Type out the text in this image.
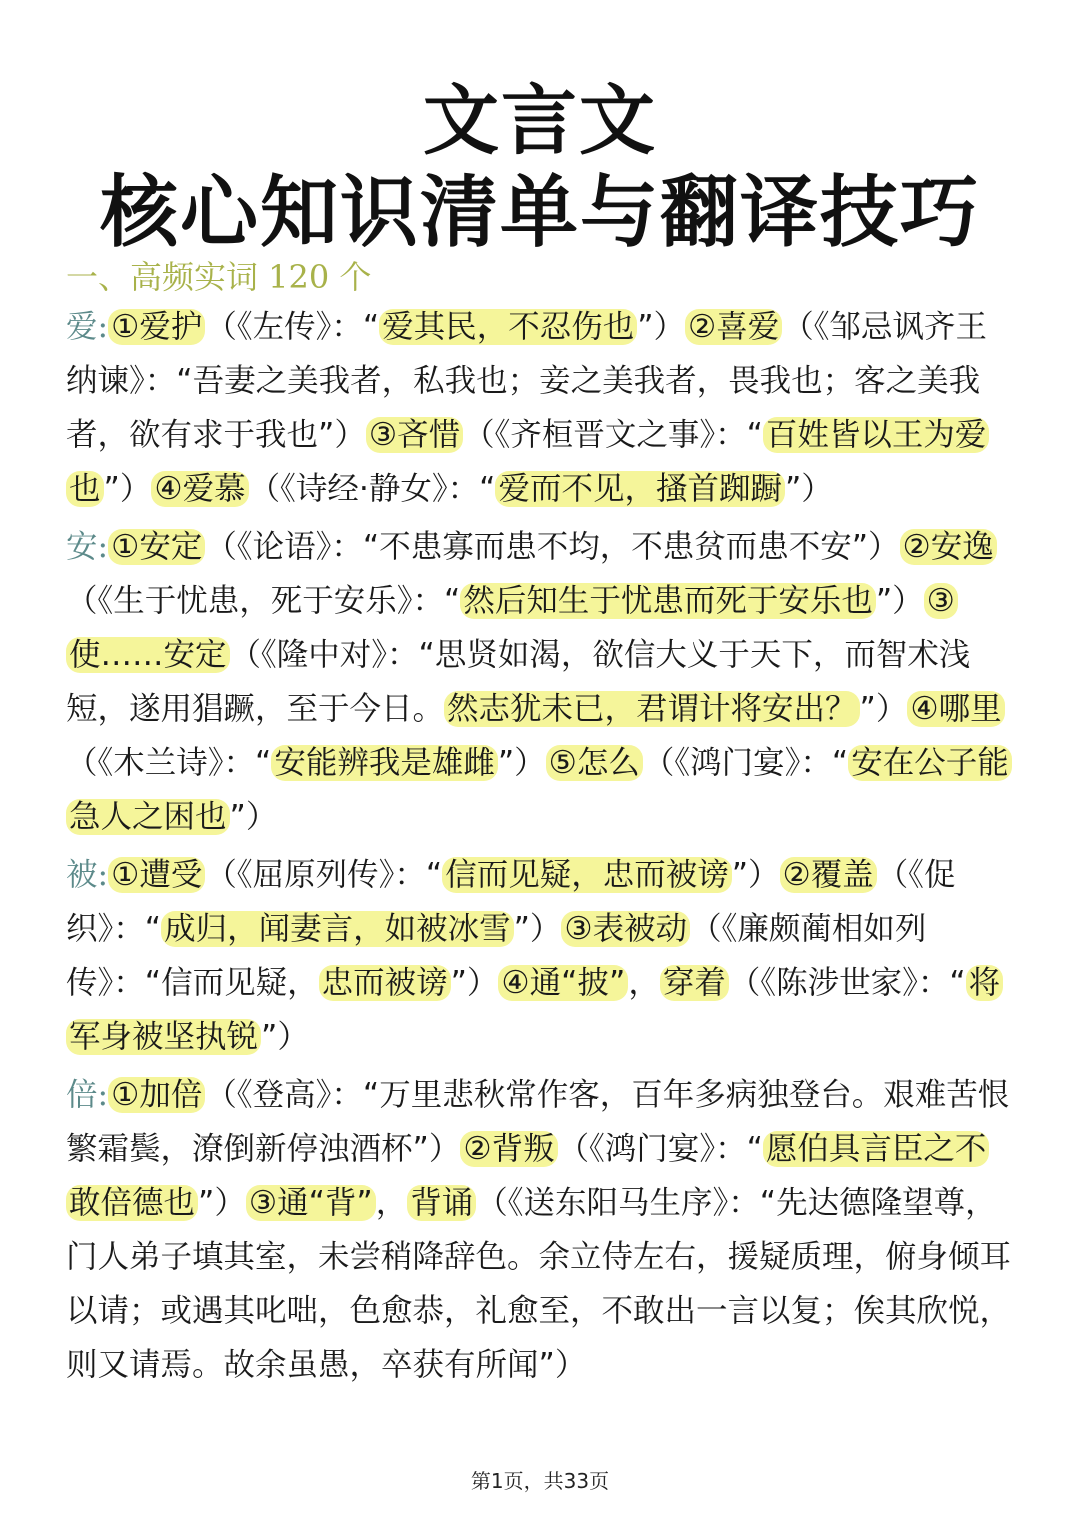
文言文
核心知识清单与翻译技巧
一、高频实词 120 个
爱:①爱护（《左传》：“爱其民，不忍伤也”）②喜爱（《邹忌讽齐王纳谏》：“吾妻之美我者，私我也；妾之美我者，畏我也；客之美我者，欲有求于我也”）③吝惜（《齐桓晋文之事》：“百姓皆以王为爱也”）④爱慕（《诗经·静女》：“爱而不见，搔首踟蹰”）
安:①安定（《论语》：“不患寡而患不均，不患贫而患不安”）②安逸（《生于忧患，死于安乐》：“然后知生于忧患而死于安乐也”）③使……安定（《隆中对》：“思贤如渴，欲信大义于天下，而智术浅短，遂用猖蹶，至于今日。然志犹未已，君谓计将安出？”）④哪里（《木兰诗》：“安能辨我是雄雌”）⑤怎么（《鸿门宴》：“安在公子能急人之困也”）
被:①遭受（《屈原列传》：“信而见疑，忠而被谤”）②覆盖（《促织》：“成归，闻妻言，如被冰雪”）③表被动（《廉颇蔺相如列传》：“信而见疑，忠而被谤”）④通“披”，穿着（《陈涉世家》：“将军身被坚执锐”）
倍:①加倍（《登高》：“万里悲秋常作客，百年多病独登台。艰难苦恨繁霜鬓，潦倒新停浊酒杯”）②背叛（《鸿门宴》：“愿伯具言臣之不敢倍德也”）③通“背”，背诵（《送东阳马生序》：“先达德隆望尊，门人弟子填其室，未尝稍降辞色。余立侍左右，援疑质理，俯身倾耳以请；或遇其叱咄，色愈恭，礼愈至，不敢出一言以复；俟其欣悦，则又请焉。故余虽愚，卒获有所闻”）
第1页，共33页
